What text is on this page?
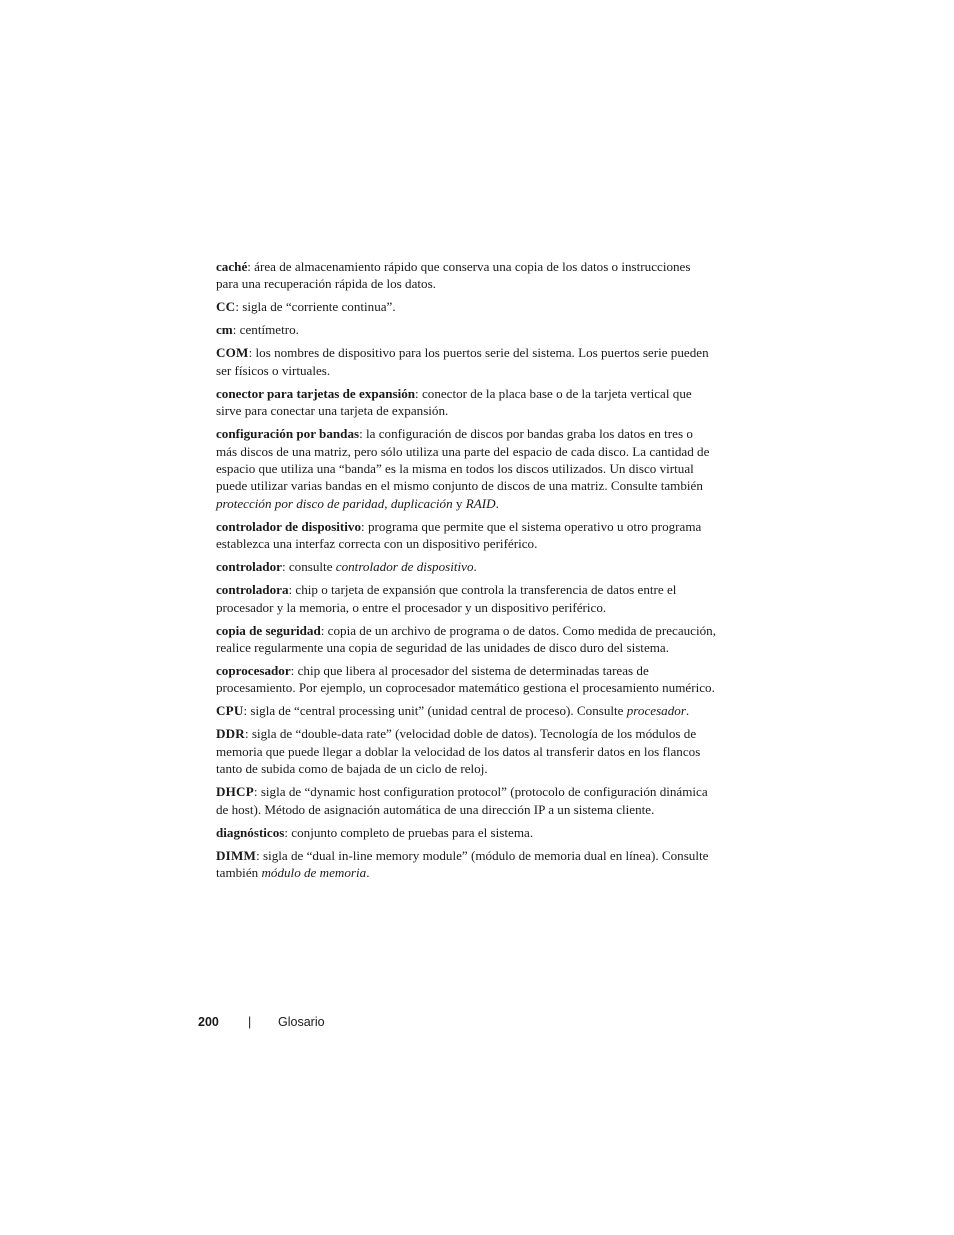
caché: área de almacenamiento rápido que conserva una copia de los datos o instrucciones para una recuperación rápida de los datos.

CC: sigla de “corriente continua”.

cm: centímetro.

COM: los nombres de dispositivo para los puertos serie del sistema. Los puertos serie pueden ser físicos o virtuales.

conector para tarjetas de expansión: conector de la placa base o de la tarjeta vertical que sirve para conectar una tarjeta de expansión.

configuración por bandas: la configuración de discos por bandas graba los datos en tres o más discos de una matriz, pero sólo utiliza una parte del espacio de cada disco. La cantidad de espacio que utiliza una “banda” es la misma en todos los discos utilizados. Un disco virtual puede utilizar varias bandas en el mismo conjunto de discos de una matriz. Consulte también protección por disco de paridad, duplicación y RAID.

controlador de dispositivo: programa que permite que el sistema operativo u otro programa establezca una interfaz correcta con un dispositivo periférico.

controlador: consulte controlador de dispositivo.

controladora: chip o tarjeta de expansión que controla la transferencia de datos entre el procesador y la memoria, o entre el procesador y un dispositivo periférico.

copia de seguridad: copia de un archivo de programa o de datos. Como medida de precaución, realice regularmente una copia de seguridad de las unidades de disco duro del sistema.

coprocesador: chip que libera al procesador del sistema de determinadas tareas de procesamiento. Por ejemplo, un coprocesador matemático gestiona el procesamiento numérico.

CPU: sigla de “central processing unit” (unidad central de proceso). Consulte procesador.

DDR: sigla de “double-data rate” (velocidad doble de datos). Tecnología de los módulos de memoria que puede llegar a doblar la velocidad de los datos al transferir datos en los flancos tanto de subida como de bajada de un ciclo de reloj.

DHCP: sigla de “dynamic host configuration protocol” (protocolo de configuración dinámica de host). Método de asignación automática de una dirección IP a un sistema cliente.

diagnósticos: conjunto completo de pruebas para el sistema.

DIMM: sigla de “dual in-line memory module” (módulo de memoria dual en línea). Consulte también módulo de memoria.

200 | Glosario
